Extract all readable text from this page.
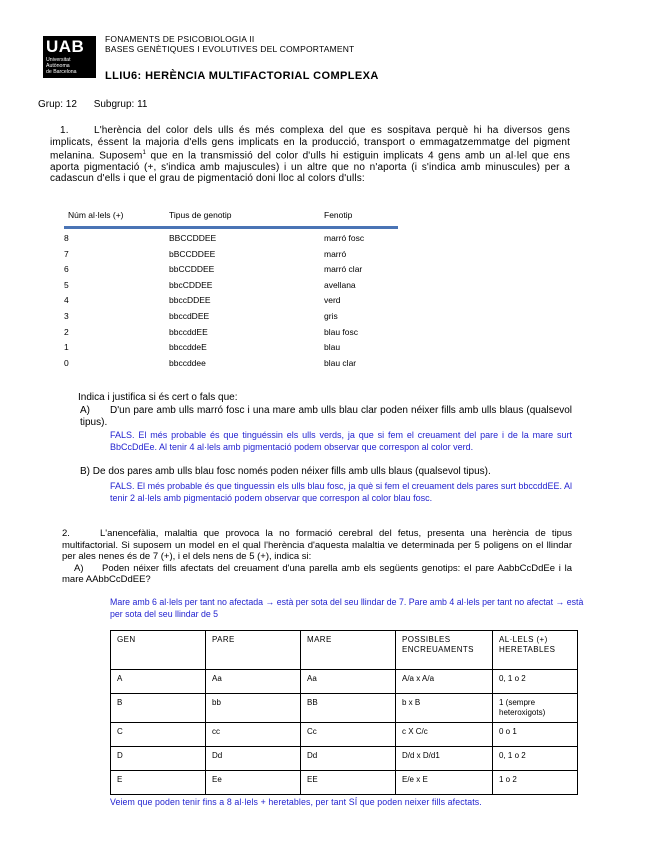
UAB
Universitat
Autònoma
de Barcelona
FONAMENTS DE PSICOBIOLOGIA II
BASES GENÈTIQUES I EVOLUTIVES DEL COMPORTAMENT
LLIU6: HERÈNCIA MULTIFACTORIAL COMPLEXA
Grup: 12 Subgrup: 11
1.	L'herència del color dels ulls és més complexa del que es sospitava perquè hi ha diversos gens implicats, éssent la majoria d'ells gens implicats en la producció, transport o emmagatzemmatge del pigment melanina. Suposem$^1$ que en la transmissió del color d'ulls hi estiguin implicats 4 gens amb un al·lel que ens aporta pigmentació (+, s'indica amb majuscules) i un altre que no n'aporta (i s'indica amb minuscules) per a cadascun d'ells i que el grau de pigmentació doni lloc al colors d'ulls:
Núm al·lels (+)	Tipus de genotip	Fenotip
8	BBCCDDEE	marró fosc
7	bBCCDDEE	marró
6	bbCCDDEE	marró clar
5	bbcCDDEE	avellana
4	bbccDDEE	verd
3	bbccdDEE	gris
2	bbccddEE	blau fosc
1	bbccddeE	blau
0	bbccddee	blau clar
Indica i justifica si és cert o fals que:
A) D'un pare amb ulls marró fosc i una mare amb ulls blau clar poden néixer fills amb ulls blaus (qualsevol tipus).
FALS. El més probable és que tinguéssin els ulls verds, ja que si fem el creuament del pare i de la mare surt BbCcDdEe. Al tenir 4 al·lels amb pigmentació podem observar que correspon al color verd.
B) De dos pares amb ulls blau fosc només poden néixer fills amb ulls blaus (qualsevol tipus).
FALS. El més probable és que tinguessin els ulls blau fosc, ja què si fem el creuament dels pares surt bbccddEE. Al tenir 2 al·lels amb pigmentació podem observar que correspon al color blau fosc.
2.	L'anencefàlia, malaltia que provoca la no formació cerebral del fetus, presenta una herència de tipus multifactorial. Si suposem un model en el qual l'herència d'aquesta malaltia ve determinada per 5 poligens on el llindar per ales nenes és de 7 (+), i el dels nens de 5 (+), indica si:
A) Poden néixer fills afectats del creuament d'una parella amb els següents genotips: el pare AabbCcDdEe i la mare AAbbCcDdEE?
Mare amb 6 al·lels per tant no afectada → està per sota del seu llindar de 7. Pare amb 4 al·lels per tant no afectat → està per sota del seu llindar de 5
GEN	PARE	MARE	POSSIBLES ENCREUAMENTS	AL·LELS (+) HERETABLES
A	Aa	Aa	A/a x A/a	0, 1 o 2
B	bb	BB	b x B	1 (sempre heteroxigots)
C	cc	Cc	c X C/c	0 o 1
D	Dd	Dd	D/d x D/d1	0, 1 o 2
E	Ee	EE	E/e x E	1 o 2
Veiem que poden tenir fins a 8 al·lels + heretables, per tant SÍ que poden neixer fills afectats.
